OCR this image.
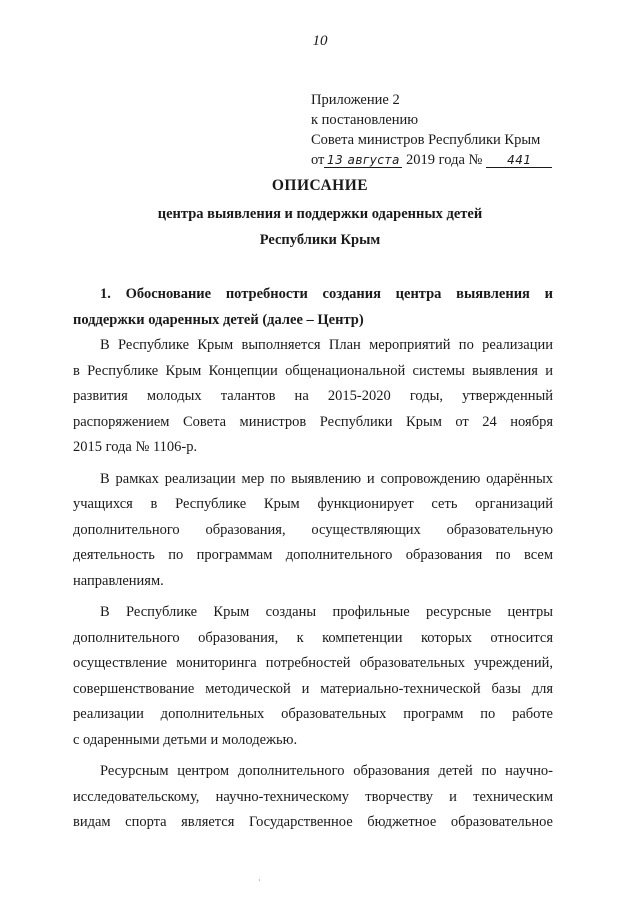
10
Приложение 2
к постановлению
Совета министров Республики Крым
от 13 августа 2019 года № 441
ОПИСАНИЕ
центра выявления и поддержки одаренных детей
Республики Крым
1. Обоснование потребности создания центра выявления и
поддержки одаренных детей (далее – Центр)
В Республике Крым выполняется План мероприятий по реализации
в Республике Крым Концепции общенациональной системы выявления и
развития молодых талантов на 2015-2020 годы, утвержденный
распоряжением Совета министров Республики Крым от 24 ноября
2015 года № 1106-р.
В рамках реализации мер по выявлению и сопровождению одарённых
учащихся в Республике Крым функционирует сеть организаций
дополнительного образования, осуществляющих образовательную
деятельность по программам дополнительного образования по всем
направлениям.
В Республике Крым созданы профильные ресурсные центры
дополнительного образования, к компетенции которых относится
осуществление мониторинга потребностей образовательных учреждений,
совершенствование методической и материально-технической базы для
реализации дополнительных образовательных программ по работе
с одаренными детьми и молодежью.
Ресурсным центром дополнительного образования детей по научно-
исследовательскому, научно-техническому творчеству и техническим
видам спорта является Государственное бюджетное образовательное
·
